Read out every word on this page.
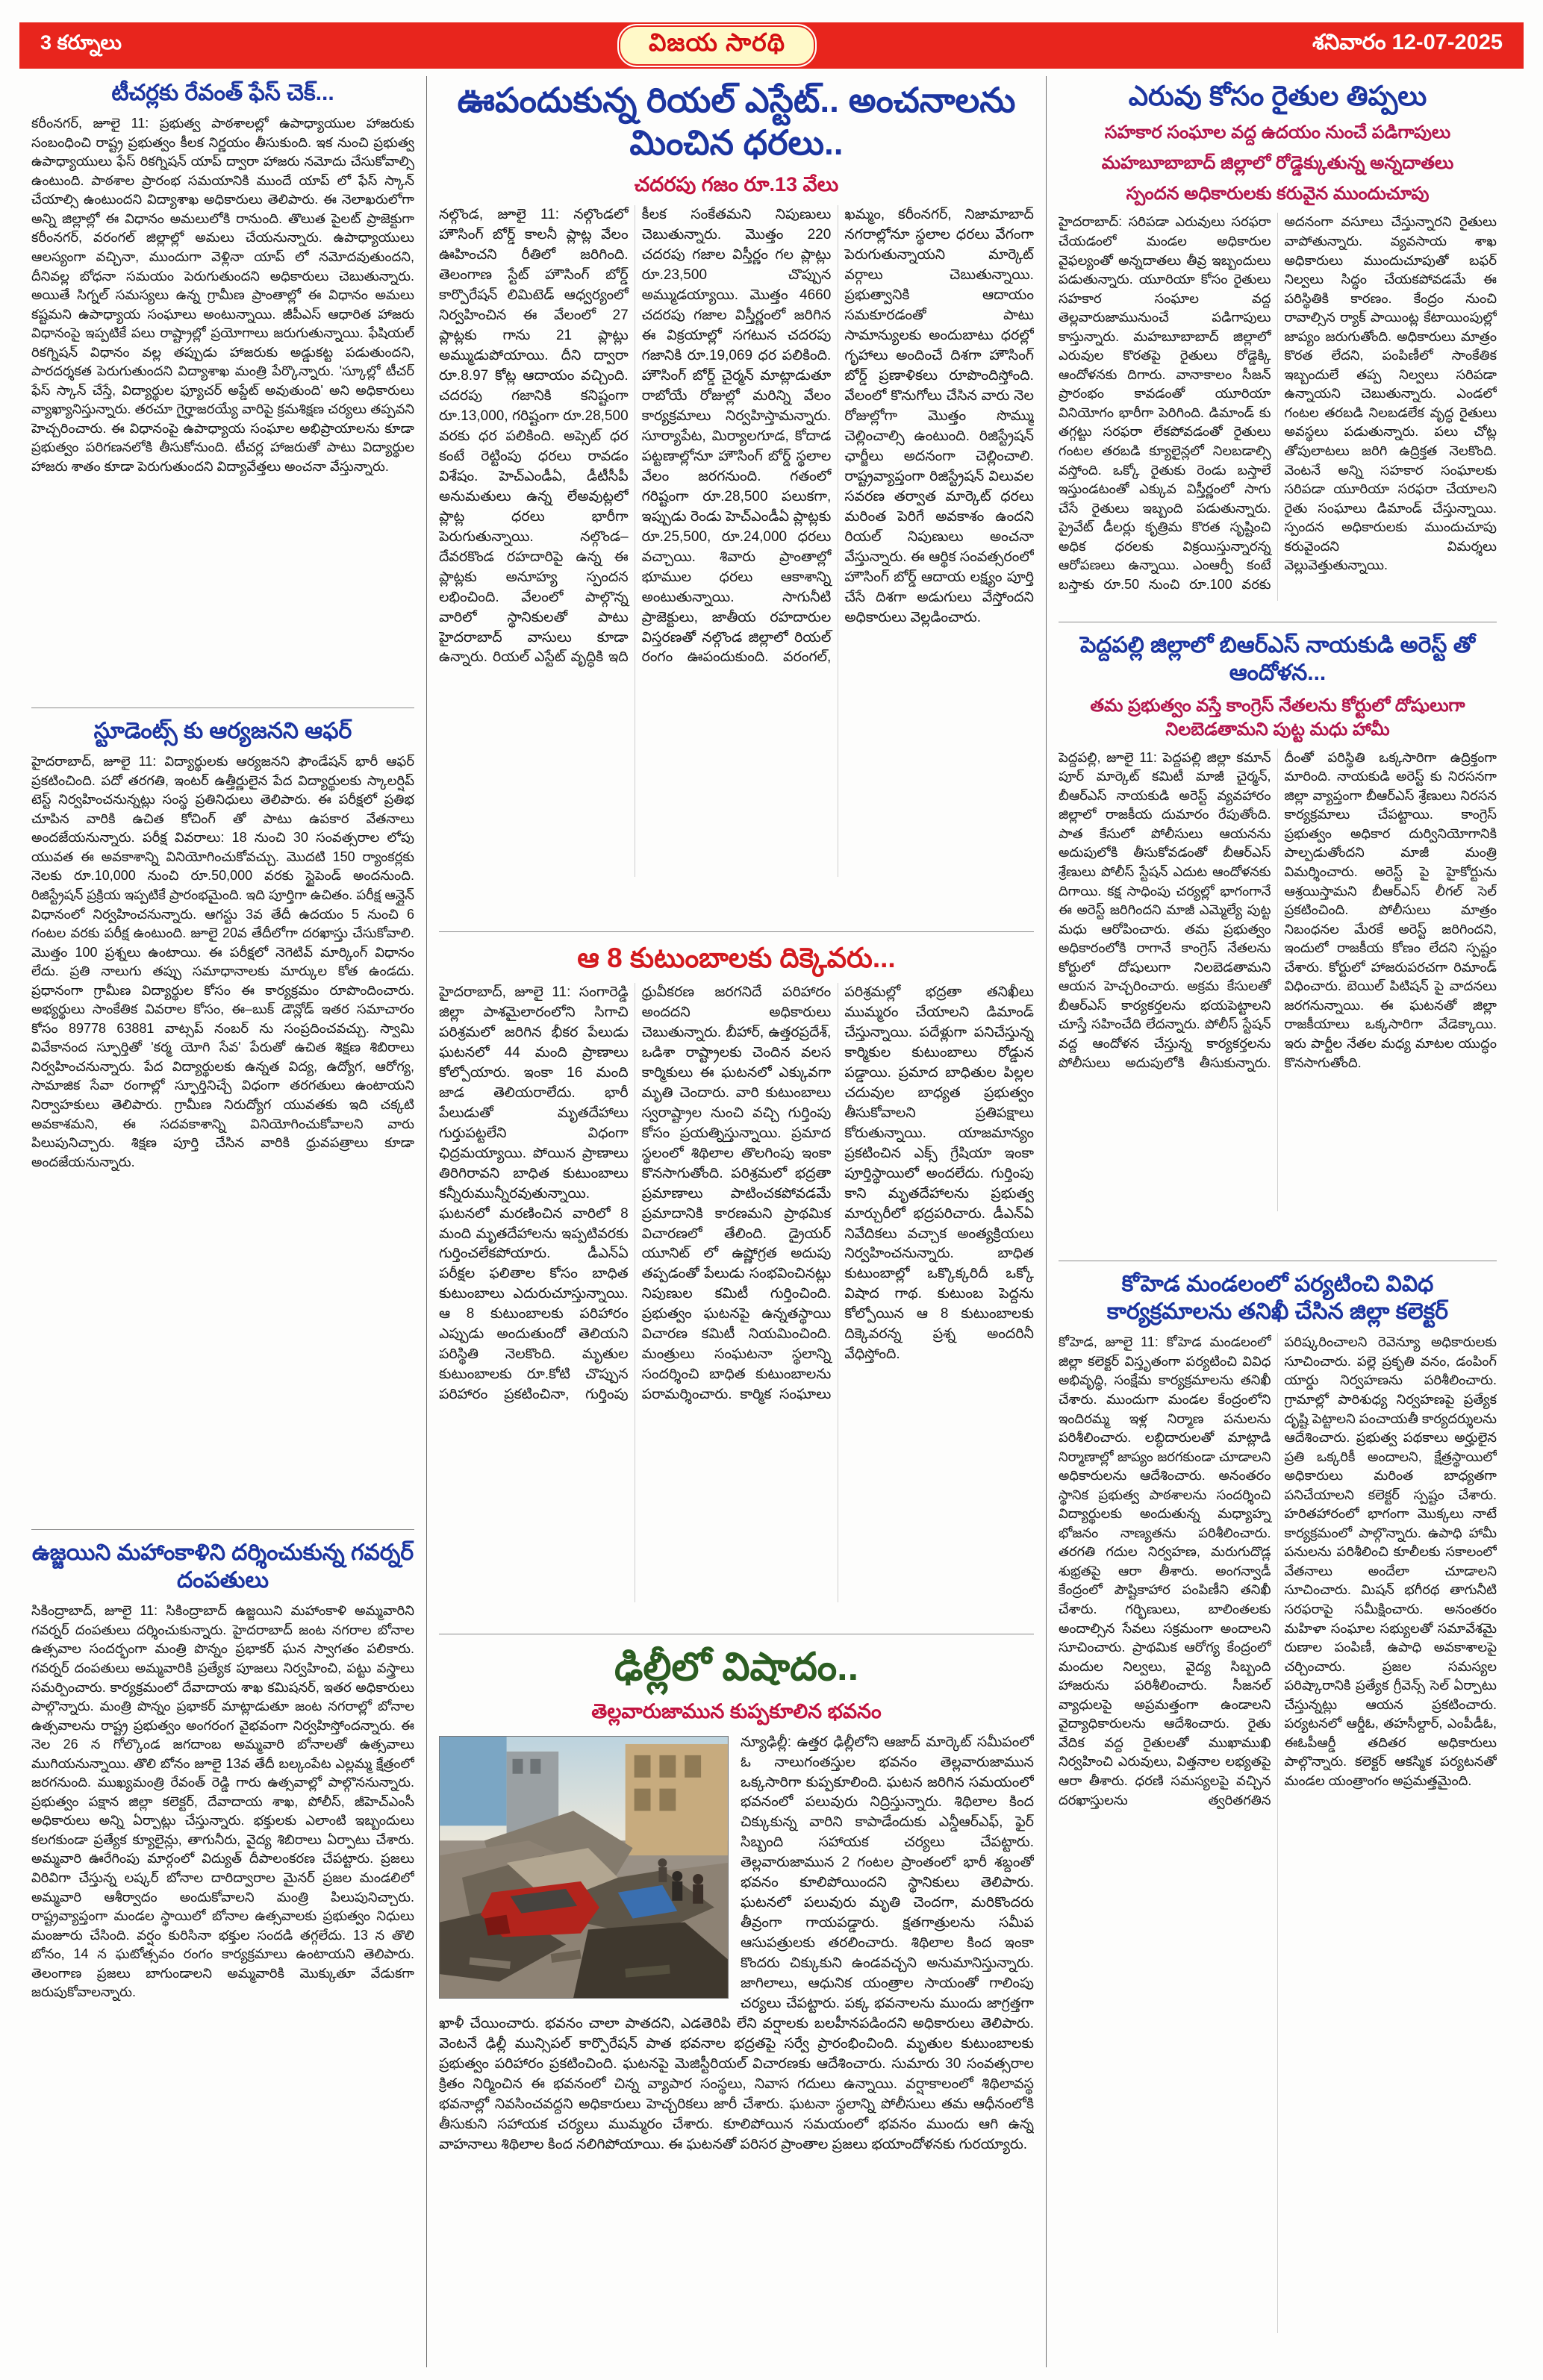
3 కర్నూలు	విజయ సారథి	శనివారం 12-07-2025
టీచర్లకు రేవంత్ ఫేస్ చెక్...
కరీంనగర్, జూలై 11: ప్రభుత్వ పాఠశాలల్లో ఉపాధ్యాయుల హాజరుకు సంబంధించి రాష్ట్ర ప్రభుత్వం కీలక నిర్ణయం తీసుకుంది. ఇక నుంచి ప్రభుత్వ ఉపాధ్యాయులు ఫేస్ రికగ్నిషన్ యాప్ ద్వారా హాజరు నమోదు చేసుకోవాల్సి ఉంటుంది. పాఠశాల ప్రారంభ సమయానికి ముందే యాప్ లో ఫేస్ స్కాన్ చేయాల్సి ఉంటుందని విద్యాశాఖ అధికారులు తెలిపారు. ఈ నెలాఖరులోగా అన్ని జిల్లాల్లో ఈ విధానం అమలులోకి రానుంది. తొలుత పైలట్ ప్రాజెక్టుగా కరీంనగర్, వరంగల్ జిల్లాల్లో అమలు చేయనున్నారు. ఉపాధ్యాయులు ఆలస్యంగా వచ్చినా, ముందుగా వెళ్లినా యాప్ లో నమోదవుతుందని, దీనివల్ల బోధనా సమయం పెరుగుతుందని అధికారులు చెబుతున్నారు. అయితే సిగ్నల్ సమస్యలు ఉన్న గ్రామీణ ప్రాంతాల్లో ఈ విధానం అమలు కష్టమని ఉపాధ్యాయ సంఘాలు అంటున్నాయి. జీపీఎస్ ఆధారిత హాజరు విధానంపై ఇప్పటికే పలు రాష్ట్రాల్లో ప్రయోగాలు జరుగుతున్నాయి. ఫేషియల్ రికగ్నిషన్ విధానం వల్ల తప్పుడు హాజరుకు అడ్డుకట్ట పడుతుందని, పారదర్శకత పెరుగుతుందని విద్యాశాఖ మంత్రి పేర్కొన్నారు. 'స్కూల్లో టీచర్ ఫేస్ స్కాన్ చేస్తే, విద్యార్థుల ఫ్యూచర్ అప్డేట్ అవుతుంది' అని అధికారులు వ్యాఖ్యానిస్తున్నారు. తరచూ గైర్హాజరయ్యే వారిపై క్రమశిక్షణ చర్యలు తప్పవని హెచ్చరించారు. ఈ విధానంపై ఉపాధ్యాయ సంఘాల అభిప్రాయాలను కూడా ప్రభుత్వం పరిగణనలోకి తీసుకోనుంది. టీచర్ల హాజరుతో పాటు విద్యార్థుల హాజరు శాతం కూడా పెరుగుతుందని విద్యావేత్తలు అంచనా వేస్తున్నారు.
స్టూడెంట్స్ కు ఆర్యజనని ఆఫర్
హైదరాబాద్, జూలై 11: విద్యార్థులకు ఆర్యజనని ఫౌండేషన్ భారీ ఆఫర్ ప్రకటించింది. పదో తరగతి, ఇంటర్ ఉత్తీర్ణులైన పేద విద్యార్థులకు స్కాలర్షిప్ టెస్ట్ నిర్వహించనున్నట్లు సంస్థ ప్రతినిధులు తెలిపారు. ఈ పరీక్షలో ప్రతిభ చూపిన వారికి ఉచిత కోచింగ్ తో పాటు ఉపకార వేతనాలు అందజేయనున్నారు. పరీక్ష వివరాలు: 18 నుంచి 30 సంవత్సరాల లోపు యువత ఈ అవకాశాన్ని వినియోగించుకోవచ్చు. మొదటి 150 ర్యాంకర్లకు నెలకు రూ.10,000 నుంచి రూ.50,000 వరకు స్టైపెండ్ అందనుంది. రిజిస్ట్రేషన్ ప్రక్రియ ఇప్పటికే ప్రారంభమైంది. ఇది పూర్తిగా ఉచితం. పరీక్ష ఆన్లైన్ విధానంలో నిర్వహించనున్నారు. ఆగస్టు 3వ తేదీ ఉదయం 5 నుంచి 6 గంటల వరకు పరీక్ష ఉంటుంది. జూలై 20వ తేదీలోగా దరఖాస్తు చేసుకోవాలి. మొత్తం 100 ప్రశ్నలు ఉంటాయి. ఈ పరీక్షలో నెగెటివ్ మార్కింగ్ విధానం లేదు. ప్రతి నాలుగు తప్పు సమాధానాలకు మార్కుల కోత ఉండదు. ప్రధానంగా గ్రామీణ విద్యార్థుల కోసం ఈ కార్యక్రమం రూపొందించారు. అభ్యర్థులు సాంకేతిక వివరాల కోసం, ఈ–బుక్ డౌన్లోడ్ ఇతర సమాచారం కోసం 89778 63881 వాట్సప్ నంబర్ ను సంప్రదించవచ్చు. స్వామి వివేకానంద స్ఫూర్తితో 'కర్మ యోగి సేవ' పేరుతో ఉచిత శిక్షణ శిబిరాలు నిర్వహించనున్నారు. పేద విద్యార్థులకు ఉన్నత విద్య, ఉద్యోగ, ఆరోగ్య, సామాజిక సేవా రంగాల్లో స్ఫూర్తినిచ్చే విధంగా తరగతులు ఉంటాయని నిర్వాహకులు తెలిపారు. గ్రామీణ నిరుద్యోగ యువతకు ఇది చక్కటి అవకాశమని, ఈ సదవకాశాన్ని వినియోగించుకోవాలని వారు పిలుపునిచ్చారు. శిక్షణ పూర్తి చేసిన వారికి ధ్రువపత్రాలు కూడా అందజేయనున్నారు.
ఉజ్జయిని మహాంకాళిని దర్శించుకున్న గవర్నర్ దంపతులు
సికింద్రాబాద్, జూలై 11: సికింద్రాబాద్ ఉజ్జయిని మహాంకాళి అమ్మవారిని గవర్నర్ దంపతులు దర్శించుకున్నారు. హైదరాబాద్ జంట నగరాల బోనాల ఉత్సవాల సందర్భంగా మంత్రి పొన్నం ప్రభాకర్ ఘన స్వాగతం పలికారు. గవర్నర్ దంపతులు అమ్మవారికి ప్రత్యేక పూజలు నిర్వహించి, పట్టు వస్త్రాలు సమర్పించారు. కార్యక్రమంలో దేవాదాయ శాఖ కమిషనర్, ఇతర అధికారులు పాల్గొన్నారు. మంత్రి పొన్నం ప్రభాకర్ మాట్లాడుతూ జంట నగరాల్లో బోనాల ఉత్సవాలను రాష్ట్ర ప్రభుత్వం అంగరంగ వైభవంగా నిర్వహిస్తోందన్నారు. ఈ నెల 26 న గోల్కొండ జగదాంబ అమ్మవారి బోనాలతో ఉత్సవాలు ముగియనున్నాయి. తొలి బోనం జూలై 13వ తేదీ బల్కంపేట ఎల్లమ్మ క్షేత్రంలో జరగనుంది. ముఖ్యమంత్రి రేవంత్ రెడ్డి గారు ఉత్సవాల్లో పాల్గొననున్నారు. ప్రభుత్వం పక్షాన జిల్లా కలెక్టర్, దేవాదాయ శాఖ, పోలీస్, జీహెచ్ఎంసీ అధికారులు అన్ని ఏర్పాట్లు చేస్తున్నారు. భక్తులకు ఎలాంటి ఇబ్బందులు కలగకుండా ప్రత్యేక క్యూలైన్లు, తాగునీరు, వైద్య శిబిరాలు ఏర్పాటు చేశారు. అమ్మవారి ఊరేగింపు మార్గంలో విద్యుత్ దీపాలంకరణ చేపట్టారు. ప్రజలు విరివిగా చేస్తున్న లష్కర్ బోనాల దారిద్వారాల మైనర్ ప్రజల మండలిలో అమ్మవారి ఆశీర్వాదం అందుకోవాలని మంత్రి పిలుపునిచ్చారు. రాష్ట్రవ్యాప్తంగా మండల స్థాయిలో బోనాల ఉత్సవాలకు ప్రభుత్వం నిధులు మంజూరు చేసింది. వర్షం కురిసినా భక్తుల సందడి తగ్గలేదు. 13 న తొలి బోనం, 14 న ఘటోత్సవం రంగం కార్యక్రమాలు ఉంటాయని తెలిపారు. తెలంగాణ ప్రజలు బాగుండాలని అమ్మవారికి మొక్కుతూ వేడుకగా జరుపుకోవాలన్నారు.
ఊపందుకున్న రియల్ ఎస్టేట్.. అంచనాలను మించిన ధరలు..
చదరపు గజం రూ.13 వేలు
నల్గొండ, జూలై 11: నల్గొండలో హౌసింగ్ బోర్డ్ కాలనీ ప్లాట్ల వేలం ఊహించని రీతిలో జరిగింది. తెలంగాణ స్టేట్ హౌసింగ్ బోర్డ్ కార్పొరేషన్ లిమిటెడ్ ఆధ్వర్యంలో నిర్వహించిన ఈ వేలంలో 27 ప్లాట్లకు గాను 21 ప్లాట్లు అమ్ముడుపోయాయి. దీని ద్వారా రూ.8.97 కోట్ల ఆదాయం వచ్చింది. చదరపు గజానికి కనిష్టంగా రూ.13,000, గరిష్టంగా రూ.28,500 వరకు ధర పలికింది. అప్సెట్ ధర కంటే రెట్టింపు ధరలు రావడం విశేషం. హెచ్ఎండీఏ, డీటీసీపీ అనుమతులు ఉన్న లేఅవుట్లలో ప్లాట్ల ధరలు భారీగా పెరుగుతున్నాయి. నల్గొండ–దేవరకొండ రహదారిపై ఉన్న ఈ ప్లాట్లకు అనూహ్య స్పందన లభించింది. వేలంలో పాల్గొన్న వారిలో స్థానికులతో పాటు హైదరాబాద్ వాసులు కూడా ఉన్నారు. రియల్ ఎస్టేట్ వృద్ధికి ఇది కీలక సంకేతమని నిపుణులు చెబుతున్నారు. మొత్తం 220 చదరపు గజాల విస్తీర్ణం గల ప్లాట్లు రూ.23,500 చొప్పున అమ్ముడయ్యాయి. మొత్తం 4660 చదరపు గజాల విస్తీర్ణంలో జరిగిన ఈ విక్రయాల్లో సగటున చదరపు గజానికి రూ.19,069 ధర పలికింది. హౌసింగ్ బోర్డ్ చైర్మన్ మాట్లాడుతూ రాబోయే రోజుల్లో మరిన్ని వేలం కార్యక్రమాలు నిర్వహిస్తామన్నారు. సూర్యాపేట, మిర్యాలగూడ, కోదాడ పట్టణాల్లోనూ హౌసింగ్ బోర్డ్ స్థలాల వేలం జరగనుంది. గతంలో గరిష్టంగా రూ.28,500 పలుకగా, ఇప్పుడు రెండు హెచ్ఎండీఏ ప్లాట్లకు రూ.25,500, రూ.24,000 ధరలు వచ్చాయి. శివారు ప్రాంతాల్లో భూముల ధరలు ఆకాశాన్ని అంటుతున్నాయి. సాగునీటి ప్రాజెక్టులు, జాతీయ రహదారుల విస్తరణతో నల్గొండ జిల్లాలో రియల్ రంగం ఊపందుకుంది. వరంగల్, ఖమ్మం, కరీంనగర్, నిజామాబాద్ నగరాల్లోనూ స్థలాల ధరలు వేగంగా పెరుగుతున్నాయని మార్కెట్ వర్గాలు చెబుతున్నాయి. ప్రభుత్వానికి ఆదాయం సమకూరడంతో పాటు సామాన్యులకు అందుబాటు ధరల్లో గృహాలు అందించే దిశగా హౌసింగ్ బోర్డ్ ప్రణాళికలు రూపొందిస్తోంది. వేలంలో కొనుగోలు చేసిన వారు నెల రోజుల్లోగా మొత్తం సొమ్ము చెల్లించాల్సి ఉంటుంది. రిజిస్ట్రేషన్ ఛార్జీలు అదనంగా చెల్లించాలి. రాష్ట్రవ్యాప్తంగా రిజిస్ట్రేషన్ విలువల సవరణ తర్వాత మార్కెట్ ధరలు మరింత పెరిగే అవకాశం ఉందని రియల్ నిపుణులు అంచనా వేస్తున్నారు. ఈ ఆర్థిక సంవత్సరంలో హౌసింగ్ బోర్డ్ ఆదాయ లక్ష్యం పూర్తి చేసే దిశగా అడుగులు వేస్తోందని అధికారులు వెల్లడించారు.
ఆ 8 కుటుంబాలకు దిక్కెవరు...
హైదరాబాద్, జూలై 11: సంగారెడ్డి జిల్లా పాశమైలారంలోని సిగాచి పరిశ్రమలో జరిగిన భీకర పేలుడు ఘటనలో 44 మంది ప్రాణాలు కోల్పోయారు. ఇంకా 16 మంది జాడ తెలియరాలేదు. భారీ పేలుడుతో మృతదేహాలు గుర్తుపట్టలేని విధంగా ఛిద్రమయ్యాయి. పోయిన ప్రాణాలు తిరిగిరావని బాధిత కుటుంబాలు కన్నీరుమున్నీరవుతున్నాయి. ఘటనలో మరణించిన వారిలో 8 మంది మృతదేహాలను ఇప్పటివరకు గుర్తించలేకపోయారు. డీఎన్ఏ పరీక్షల ఫలితాల కోసం బాధిత కుటుంబాలు ఎదురుచూస్తున్నాయి. ఆ 8 కుటుంబాలకు పరిహారం ఎప్పుడు అందుతుందో తెలియని పరిస్థితి నెలకొంది. మృతుల కుటుంబాలకు రూ.కోటి చొప్పున పరిహారం ప్రకటించినా, గుర్తింపు ధ్రువీకరణ జరగనిదే పరిహారం అందదని అధికారులు చెబుతున్నారు. బీహార్, ఉత్తరప్రదేశ్, ఒడిశా రాష్ట్రాలకు చెందిన వలస కార్మికులు ఈ ఘటనలో ఎక్కువగా మృతి చెందారు. వారి కుటుంబాలు స్వరాష్ట్రాల నుంచి వచ్చి గుర్తింపు కోసం ప్రయత్నిస్తున్నాయి. ప్రమాద స్థలంలో శిథిలాల తొలగింపు ఇంకా కొనసాగుతోంది. పరిశ్రమలో భద్రతా ప్రమాణాలు పాటించకపోవడమే ప్రమాదానికి కారణమని ప్రాథమిక విచారణలో తేలింది. డ్రైయర్ యూనిట్ లో ఉష్ణోగ్రత అదుపు తప్పడంతో పేలుడు సంభవించినట్లు నిపుణుల కమిటీ గుర్తించింది. ప్రభుత్వం ఘటనపై ఉన్నతస్థాయి విచారణ కమిటీ నియమించింది. మంత్రులు సంఘటనా స్థలాన్ని సందర్శించి బాధిత కుటుంబాలను పరామర్శించారు. కార్మిక సంఘాలు పరిశ్రమల్లో భద్రతా తనిఖీలు ముమ్మరం చేయాలని డిమాండ్ చేస్తున్నాయి. పదేళ్లుగా పనిచేస్తున్న కార్మికుల కుటుంబాలు రోడ్డున పడ్డాయి. ప్రమాద బాధితుల పిల్లల చదువుల బాధ్యత ప్రభుత్వం తీసుకోవాలని ప్రతిపక్షాలు కోరుతున్నాయి. యాజమాన్యం ప్రకటించిన ఎక్స్ గ్రేషియా ఇంకా పూర్తిస్థాయిలో అందలేదు. గుర్తింపు కాని మృతదేహాలను ప్రభుత్వ మార్చురీలో భద్రపరిచారు. డీఎన్ఏ నివేదికలు వచ్చాక అంత్యక్రియలు నిర్వహించనున్నారు. బాధిత కుటుంబాల్లో ఒక్కొక్కరిదీ ఒక్కో విషాద గాథ. కుటుంబ పెద్దను కోల్పోయిన ఆ 8 కుటుంబాలకు దిక్కెవరన్న ప్రశ్న అందరినీ వేధిస్తోంది.
ఢిల్లీలో విషాదం..
తెల్లవారుజామున కుప్పకూలిన భవనం
న్యూఢిల్లీ: ఉత్తర ఢిల్లీలోని ఆజాద్ మార్కెట్ సమీపంలో ఓ నాలుగంతస్తుల భవనం తెల్లవారుజామున ఒక్కసారిగా కుప్పకూలింది. ఘటన జరిగిన సమయంలో భవనంలో పలువురు నిద్రిస్తున్నారు. శిథిలాల కింద చిక్కుకున్న వారిని కాపాడేందుకు ఎన్డీఆర్ఎఫ్, ఫైర్ సిబ్బంది సహాయక చర్యలు చేపట్టారు. తెల్లవారుజామున 2 గంటల ప్రాంతంలో భారీ శబ్దంతో భవనం కూలిపోయిందని స్థానికులు తెలిపారు. ఘటనలో పలువురు మృతి చెందగా, మరికొందరు తీవ్రంగా గాయపడ్డారు. క్షతగాత్రులను సమీప ఆసుపత్రులకు తరలించారు. శిథిలాల కింద ఇంకా కొందరు చిక్కుకుని ఉండవచ్చని అనుమానిస్తున్నారు. జాగిలాలు, ఆధునిక యంత్రాల సాయంతో గాలింపు చర్యలు చేపట్టారు. పక్క భవనాలను ముందు జాగ్రత్తగా ఖాళీ చేయించారు. భవనం చాలా పాతదని, ఎడతెరిపి లేని వర్షాలకు బలహీనపడిందని అధికారులు తెలిపారు. వెంటనే ఢిల్లీ మున్సిపల్ కార్పొరేషన్ పాత భవనాల భద్రతపై సర్వే ప్రారంభించింది. మృతుల కుటుంబాలకు ప్రభుత్వం పరిహారం ప్రకటించింది. ఘటనపై మెజిస్టీరియల్ విచారణకు ఆదేశించారు. సుమారు 30 సంవత్సరాల క్రితం నిర్మించిన ఈ భవనంలో చిన్న వ్యాపార సంస్థలు, నివాస గదులు ఉన్నాయి. వర్షాకాలంలో శిథిలావస్థ భవనాల్లో నివసించవద్దని అధికారులు హెచ్చరికలు జారీ చేశారు. ఘటనా స్థలాన్ని పోలీసులు తమ ఆధీనంలోకి తీసుకుని సహాయక చర్యలు ముమ్మరం చేశారు. కూలిపోయిన సమయంలో భవనం ముందు ఆగి ఉన్న వాహనాలు శిథిలాల కింద నలిగిపోయాయి. ఈ ఘటనతో పరిసర ప్రాంతాల ప్రజలు భయాందోళనకు గురయ్యారు.
ఎరువు కోసం రైతుల తిప్పలు
సహకార సంఘాల వద్ద ఉదయం నుంచే పడిగాపులు
మహబూబాబాద్ జిల్లాలో రోడ్డెక్కుతున్న అన్నదాతలు
స్పందన అధికారులకు కరువైన ముందుచూపు
హైదరాబాద్: సరిపడా ఎరువులు సరఫరా చేయడంలో మండల అధికారుల వైఫల్యంతో అన్నదాతలు తీవ్ర ఇబ్బందులు పడుతున్నారు. యూరియా కోసం రైతులు సహకార సంఘాల వద్ద తెల్లవారుజామునుంచే పడిగాపులు కాస్తున్నారు. మహబూబాబాద్ జిల్లాలో ఎరువుల కొరతపై రైతులు రోడ్డెక్కి ఆందోళనకు దిగారు. వానాకాలం సీజన్ ప్రారంభం కావడంతో యూరియా వినియోగం భారీగా పెరిగింది. డిమాండ్ కు తగ్గట్టు సరఫరా లేకపోవడంతో రైతులు గంటల తరబడి క్యూలైన్లలో నిలబడాల్సి వస్తోంది. ఒక్కో రైతుకు రెండు బస్తాలే ఇస్తుండటంతో ఎక్కువ విస్తీర్ణంలో సాగు చేసే రైతులు ఇబ్బంది పడుతున్నారు. ప్రైవేట్ డీలర్లు కృత్రిమ కొరత సృష్టించి అధిక ధరలకు విక్రయిస్తున్నారన్న ఆరోపణలు ఉన్నాయి. ఎంఆర్పీ కంటే బస్తాకు రూ.50 నుంచి రూ.100 వరకు అదనంగా వసూలు చేస్తున్నారని రైతులు వాపోతున్నారు. వ్యవసాయ శాఖ అధికారులు ముందుచూపుతో బఫర్ నిల్వలు సిద్ధం చేయకపోవడమే ఈ పరిస్థితికి కారణం. కేంద్రం నుంచి రావాల్సిన ర్యాక్ పాయింట్ల కేటాయింపుల్లో జాప్యం జరుగుతోంది. అధికారులు మాత్రం కొరత లేదని, పంపిణీలో సాంకేతిక ఇబ్బందులే తప్ప నిల్వలు సరిపడా ఉన్నాయని చెబుతున్నారు. ఎండలో గంటల తరబడి నిలబడలేక వృద్ధ రైతులు అవస్థలు పడుతున్నారు. పలు చోట్ల తోపులాటలు జరిగి ఉద్రిక్తత నెలకొంది. వెంటనే అన్ని సహకార సంఘాలకు సరిపడా యూరియా సరఫరా చేయాలని రైతు సంఘాలు డిమాండ్ చేస్తున్నాయి. స్పందన అధికారులకు ముందుచూపు కరువైందని విమర్శలు వెల్లువెత్తుతున్నాయి.
పెద్దపల్లి జిల్లాలో బిఆర్ఎస్ నాయకుడి అరెస్ట్ తో ఆందోళన...
తమ ప్రభుత్వం వస్తే కాంగ్రెస్ నేతలను కోర్టులో దోషులుగా నిలబెడతామని పుట్ట మధు హామీ
పెద్దపల్లి, జూలై 11: పెద్దపల్లి జిల్లా కమాన్ పూర్ మార్కెట్ కమిటీ మాజీ చైర్మన్, బీఆర్ఎస్ నాయకుడి అరెస్ట్ వ్యవహారం జిల్లాలో రాజకీయ దుమారం రేపుతోంది. పాత కేసులో పోలీసులు ఆయనను అదుపులోకి తీసుకోవడంతో బీఆర్ఎస్ శ్రేణులు పోలీస్ స్టేషన్ ఎదుట ఆందోళనకు దిగాయి. కక్ష సాధింపు చర్యల్లో భాగంగానే ఈ అరెస్ట్ జరిగిందని మాజీ ఎమ్మెల్యే పుట్ట మధు ఆరోపించారు. తమ ప్రభుత్వం అధికారంలోకి రాగానే కాంగ్రెస్ నేతలను కోర్టులో దోషులుగా నిలబెడతామని ఆయన హెచ్చరించారు. అక్రమ కేసులతో బీఆర్ఎస్ కార్యకర్తలను భయపెట్టాలని చూస్తే సహించేది లేదన్నారు. పోలీస్ స్టేషన్ వద్ద ఆందోళన చేస్తున్న కార్యకర్తలను పోలీసులు అదుపులోకి తీసుకున్నారు. దీంతో పరిస్థితి ఒక్కసారిగా ఉద్రిక్తంగా మారింది. నాయకుడి అరెస్ట్ కు నిరసనగా జిల్లా వ్యాప్తంగా బీఆర్ఎస్ శ్రేణులు నిరసన కార్యక్రమాలు చేపట్టాయి. కాంగ్రెస్ ప్రభుత్వం అధికార దుర్వినియోగానికి పాల్పడుతోందని మాజీ మంత్రి విమర్శించారు. అరెస్ట్ పై హైకోర్టును ఆశ్రయిస్తామని బీఆర్ఎస్ లీగల్ సెల్ ప్రకటించింది. పోలీసులు మాత్రం నిబంధనల మేరకే అరెస్ట్ జరిగిందని, ఇందులో రాజకీయ కోణం లేదని స్పష్టం చేశారు. కోర్టులో హాజరుపరచగా రిమాండ్ విధించారు. బెయిల్ పిటిషన్ పై వాదనలు జరగనున్నాయి. ఈ ఘటనతో జిల్లా రాజకీయాలు ఒక్కసారిగా వేడెక్కాయి. ఇరు పార్టీల నేతల మధ్య మాటల యుద్ధం కొనసాగుతోంది.
కోహెడ మండలంలో పర్యటించి వివిధ కార్యక్రమాలను తనిఖీ చేసిన జిల్లా కలెక్టర్
కోహెడ, జూలై 11: కోహెడ మండలంలో జిల్లా కలెక్టర్ విస్తృతంగా పర్యటించి వివిధ అభివృద్ధి, సంక్షేమ కార్యక్రమాలను తనిఖీ చేశారు. ముందుగా మండల కేంద్రంలోని ఇందిరమ్మ ఇళ్ల నిర్మాణ పనులను పరిశీలించారు. లబ్ధిదారులతో మాట్లాడి నిర్మాణాల్లో జాప్యం జరగకుండా చూడాలని అధికారులను ఆదేశించారు. అనంతరం స్థానిక ప్రభుత్వ పాఠశాలను సందర్శించి విద్యార్థులకు అందుతున్న మధ్యాహ్న భోజనం నాణ్యతను పరిశీలించారు. తరగతి గదుల నిర్వహణ, మరుగుదొడ్ల శుభ్రతపై ఆరా తీశారు. అంగన్వాడీ కేంద్రంలో పౌష్టికాహార పంపిణీని తనిఖీ చేశారు. గర్భిణులు, బాలింతలకు అందాల్సిన సేవలు సక్రమంగా అందాలని సూచించారు. ప్రాథమిక ఆరోగ్య కేంద్రంలో మందుల నిల్వలు, వైద్య సిబ్బంది హాజరును పరిశీలించారు. సీజనల్ వ్యాధులపై అప్రమత్తంగా ఉండాలని వైద్యాధికారులను ఆదేశించారు. రైతు వేదిక వద్ద రైతులతో ముఖాముఖి నిర్వహించి ఎరువులు, విత్తనాల లభ్యతపై ఆరా తీశారు. ధరణి సమస్యలపై వచ్చిన దరఖాస్తులను త్వరితగతిన పరిష్కరించాలని రెవెన్యూ అధికారులకు సూచించారు. పల్లె ప్రకృతి వనం, డంపింగ్ యార్డు నిర్వహణను పరిశీలించారు. గ్రామాల్లో పారిశుధ్య నిర్వహణపై ప్రత్యేక దృష్టి పెట్టాలని పంచాయతీ కార్యదర్శులను ఆదేశించారు. ప్రభుత్వ పథకాలు అర్హులైన ప్రతి ఒక్కరికీ అందాలని, క్షేత్రస్థాయిలో అధికారులు మరింత బాధ్యతగా పనిచేయాలని కలెక్టర్ స్పష్టం చేశారు. హరితహారంలో భాగంగా మొక్కలు నాటే కార్యక్రమంలో పాల్గొన్నారు. ఉపాధి హామీ పనులను పరిశీలించి కూలీలకు సకాలంలో వేతనాలు అందేలా చూడాలని సూచించారు. మిషన్ భగీరథ తాగునీటి సరఫరాపై సమీక్షించారు. అనంతరం మహిళా సంఘాల సభ్యులతో సమావేశమై రుణాల పంపిణీ, ఉపాధి అవకాశాలపై చర్చించారు. ప్రజల సమస్యల పరిష్కారానికి ప్రత్యేక గ్రీవెన్స్ సెల్ ఏర్పాటు చేస్తున్నట్లు ఆయన ప్రకటించారు. పర్యటనలో ఆర్డీఓ, తహసీల్దార్, ఎంపీడీఓ, ఈఓపీఆర్డీ తదితర అధికారులు పాల్గొన్నారు. కలెక్టర్ ఆకస్మిక పర్యటనతో మండల యంత్రాంగం అప్రమత్తమైంది.
